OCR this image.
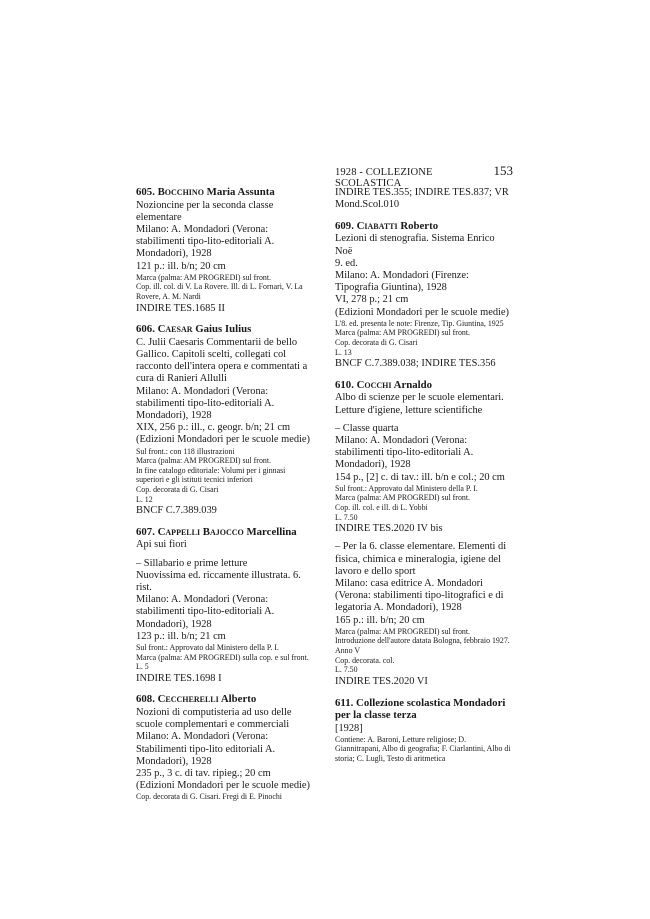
1928 - COLLEZIONE SCOLASTICA
153
605. Bocchino Maria Assunta
Nozioncine per la seconda classe elementare
Milano: A. Mondadori (Verona: stabilimenti tipo-lito-editoriali A. Mondadori), 1928
121 p.: ill. b/n; 20 cm
Marca (palma: AM PROGREDI) sul front.
Cop. ill. col. di V. La Rovere. Ill. di L. Fornari, V. La Rovere, A. M. Nardi
INDIRE TES.1685 II
606. Caesar Gaius Iulius
C. Julii Caesaris Commentarii de bello Gallico. Capitoli scelti, collegati col racconto dell'intera opera e commentati a cura di Ranieri Allulli
Milano: A. Mondadori (Verona: stabilimenti tipo-lito-editoriali A. Mondadori), 1928
XIX, 256 p.: ill., c. geogr. b/n; 21 cm
(Edizioni Mondadori per le scuole medie)
Sul front.: con 118 illustrazioni
Marca (palma: AM PROGREDI) sul front.
In fine catalogo editoriale: Volumi per i ginnasi superiori e gli istituti tecnici inferiori
Cop. decorata di G. Cisari
L. 12
BNCF C.7.389.039
607. Cappelli Bajocco Marcellina
Api sui fiori
– Sillabario e prime letture
Nuovissima ed. riccamente illustrata. 6. rist.
Milano: A. Mondadori (Verona: stabilimenti tipo-lito-editoriali A. Mondadori), 1928
123 p.: ill. b/n; 21 cm
Sul front.: Approvato dal Ministero della P. I.
Marca (palma: AM PROGREDI) sulla cop. e sul front.
L. 5
INDIRE TES.1698 I
608. Ceccherelli Alberto
Nozioni di computisteria ad uso delle scuole complementari e commerciali
Milano: A. Mondadori (Verona: Stabilimenti tipo-lito editoriali A. Mondadori), 1928
235 p., 3 c. di tav. ripieg.; 20 cm
(Edizioni Mondadori per le scuole medie)
Cop. decorata di G. Cisari. Fregi di E. Pinochi
INDIRE TES.355; INDIRE TES.837; VR Mond.Scol.010
609. Ciabatti Roberto
Lezioni di stenografia. Sistema Enrico Noë
9. ed.
Milano: A. Mondadori (Firenze: Tipografia Giuntina), 1928
VI, 278 p.; 21 cm
(Edizioni Mondadori per le scuole medie)
L'8. ed. presenta le note: Firenze, Tip. Giuntina, 1925
Marca (palma: AM PROGREDI) sul front.
Cop. decorata di G. Cisari
L. 13
BNCF C.7.389.038; INDIRE TES.356
610. Cocchi Arnaldo
Albo di scienze per le scuole elementari. Letture d'igiene, letture scientifiche
– Classe quarta
Milano: A. Mondadori (Verona: stabilimenti tipo-lito-editoriali A. Mondadori), 1928
154 p., [2] c. di tav.: ill. b/n e col.; 20 cm
Sul front.: Approvato dal Ministero della P. I.
Marca (palma: AM PROGREDI) sul front.
Cop. ill. col. e ill. di L. Yobbi
L. 7.50
INDIRE TES.2020 IV bis
– Per la 6. classe elementare. Elementi di fisica, chimica e mineralogia, igiene del lavoro e dello sport
Milano: casa editrice A. Mondadori (Verona: stabilimenti tipo-litografici e di legatoria A. Mondadori), 1928
165 p.: ill. b/n; 20 cm
Marca (palma: AM PROGREDI) sul front.
Introduzione dell'autore datata Bologna, febbraio 1927. Anno V
Cop. decorata. col.
L. 7.50
INDIRE TES.2020 VI
611. Collezione scolastica Mondadori per la classe terza
[1928]
Contiene: A. Baroni, Letture religiose; D. Giannitrapani, Albo di geografia; F. Ciarlantini, Albo di storia; C. Lugli, Testo di aritmetica
